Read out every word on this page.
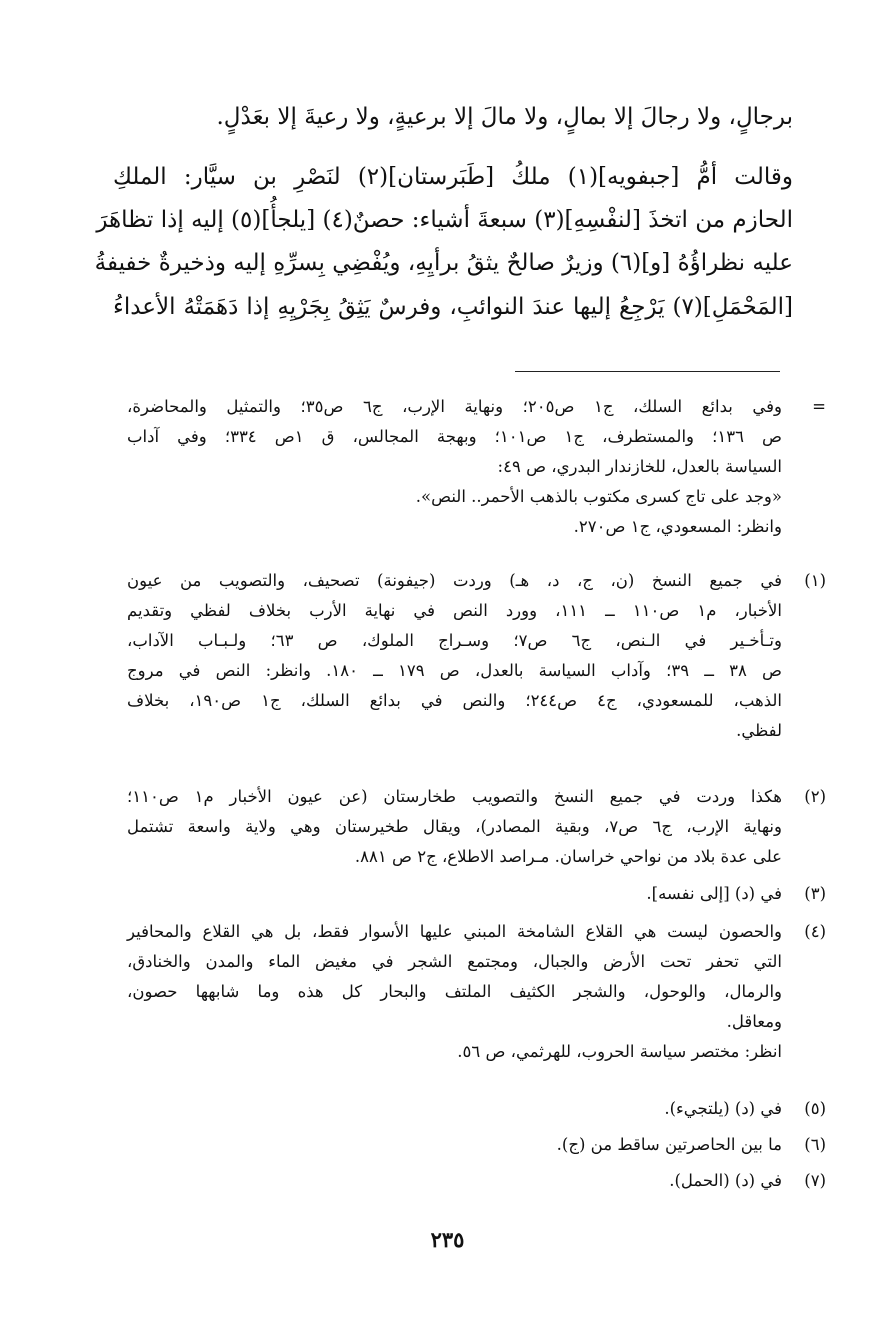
برجالٍ، ولا رجالَ إلا بمالٍ، ولا مالَ إلا برعيةٍ، ولا رعيةَ إلا بعَدْلٍ.
وقالت أمُّ [جبفويه](١) ملكُ [طَبَرستان](٢) لنَصْرِ بن سيَّار: الملكِ
الحازم من اتخذَ [لنفْسِهِ](٣) سبعةَ أشياء: حصنٌ(٤) [يلجأُ](٥) إليه إذا تظاهَرَ
عليه نظراؤُهُ [و](٦) وزيرٌ صالحٌ يثقُ برأيِهِ، ويُفْضِي بِسرِّهِ إليه وذخيرةٌ خفيفةُ
[المَحْمَلِ](٧) يَرْجِعُ إليها عندَ النوائبِ، وفرسٌ يَثِقُ بِجَرْيِهِ إذا دَهَمَتْهُ الأعداءُ
=
وفي بدائع السلك، ج١ ص٢٠٥؛ ونهاية الإرب، ج٦ ص٣٥؛ والتمثيل والمحاضرة،
ص ١٣٦؛ والمستطرف، ج١ ص١٠١؛ وبهجة المجالس، ق ١ص ٣٣٤؛ وفي آداب
السياسة بالعدل، للخازندار البدري، ص ٤٩:
«وجد على تاج كسرى مكتوب بالذهب الأحمر.. النص».
وانظر: المسعودي، ج١ ص٢٧٠.
(١)
في جميع النسخ (ن، ج، د، هـ) وردت (جيفونة) تصحيف، والتصويب من عيون
الأخبار، م١ ص١١٠ ــ ١١١، وورد النص في نهاية الأرب بخلاف لفظي وتقديم
وتـأخـير في الـنص، ج٦ ص٧؛ وسـراج الملوك، ص ٦٣؛ ولـبـاب الآداب،
ص ٣٨ ــ ٣٩؛ وآداب السياسة بالعدل، ص ١٧٩ ــ ١٨٠. وانظر: النص في مروج
الذهب، للمسعودي، ج٤ ص٢٤٤؛ والنص في بدائع السلك، ج١ ص١٩٠، بخلاف
لفظي.
(٢)
هكذا وردت في جميع النسخ والتصويب طخارستان (عن عيون الأخبار م١ ص١١٠؛
ونهاية الإرب، ج٦ ص٧، وبقية المصادر)، ويقال طخيرستان وهي ولاية واسعة تشتمل
على عدة بلاد من نواحي خراسان. مـراصد الاطلاع، ج٢ ص ٨٨١.
(٣)
في (د) [إلى نفسه].
(٤)
والحصون ليست هي القلاع الشامخة المبني عليها الأسوار فقط، بل هي القلاع والمحافير
التي تحفر تحت الأرض والجبال، ومجتمع الشجر في مغيض الماء والمدن والخنادق،
والرمال، والوحول، والشجر الكثيف الملتف والبحار كل هذه وما شابهها حصون،
ومعاقل.
انظر: مختصر سياسة الحروب، للهرثمي، ص ٥٦.
(٥)
في (د) (يلتجيء).
(٦)
ما بين الحاصرتين ساقط من (ج).
(٧)
في (د) (الحمل).
٢٣٥
